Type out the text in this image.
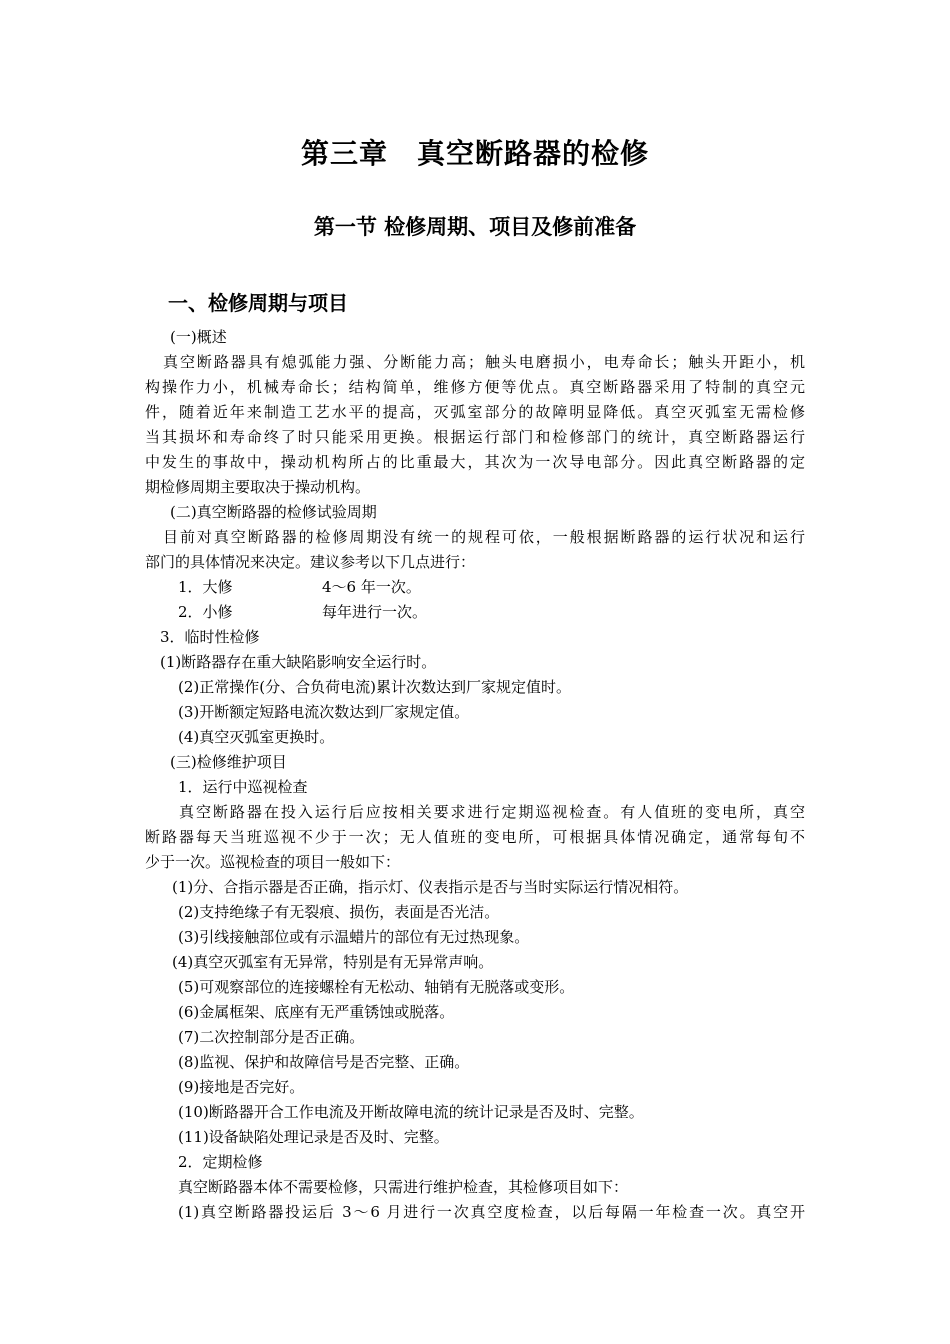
第三章　真空断路器的检修
第一节 检修周期、项目及修前准备
一、检修周期与项目
(一)概述
真空断路器具有熄弧能力强、分断能力高；触头电磨损小，电寿命长；触头开距小，机
构操作力小，机械寿命长；结构简单，维修方便等优点。真空断路器采用了特制的真空元
件，随着近年来制造工艺水平的提高，灭弧室部分的故障明显降低。真空灭弧室无需检修
当其损坏和寿命终了时只能采用更换。根据运行部门和检修部门的统计，真空断路器运行
中发生的事故中，操动机构所占的比重最大，其次为一次导电部分。因此真空断路器的定
期检修周期主要取决于操动机构。
(二)真空断路器的检修试验周期
目前对真空断路器的检修周期没有统一的规程可依，一般根据断路器的运行状况和运行
部门的具体情况来决定。建议参考以下几点进行：
1．大修	4～6 年一次。
2．小修	每年进行一次。
3．临时性检修
(1)断路器存在重大缺陷影响安全运行时。
(2)正常操作(分、合负荷电流)累计次数达到厂家规定值时。
(3)开断额定短路电流次数达到厂家规定值。
(4)真空灭弧室更换时。
(三)检修维护项目
1．运行中巡视检查
真空断路器在投入运行后应按相关要求进行定期巡视检查。有人值班的变电所，真空
断路器每天当班巡视不少于一次；无人值班的变电所，可根据具体情况确定，通常每旬不
少于一次。巡视检查的项目一般如下：
(1)分、合指示器是否正确，指示灯、仪表指示是否与当时实际运行情况相符。
(2)支持绝缘子有无裂痕、损伤，表面是否光洁。
(3)引线接触部位或有示温蜡片的部位有无过热现象。
(4)真空灭弧室有无异常，特别是有无异常声响。
(5)可观察部位的连接螺栓有无松动、轴销有无脱落或变形。
(6)金属框架、底座有无严重锈蚀或脱落。
(7)二次控制部分是否正确。
(8)监视、保护和故障信号是否完整、正确。
(9)接地是否完好。
(10)断路器开合工作电流及开断故障电流的统计记录是否及时、完整。
(11)设备缺陷处理记录是否及时、完整。
2．定期检修
真空断路器本体不需要检修，只需进行维护检查，其检修项目如下：
(1)真空断路器投运后 3～6 月进行一次真空度检查，以后每隔一年检查一次。真空开
